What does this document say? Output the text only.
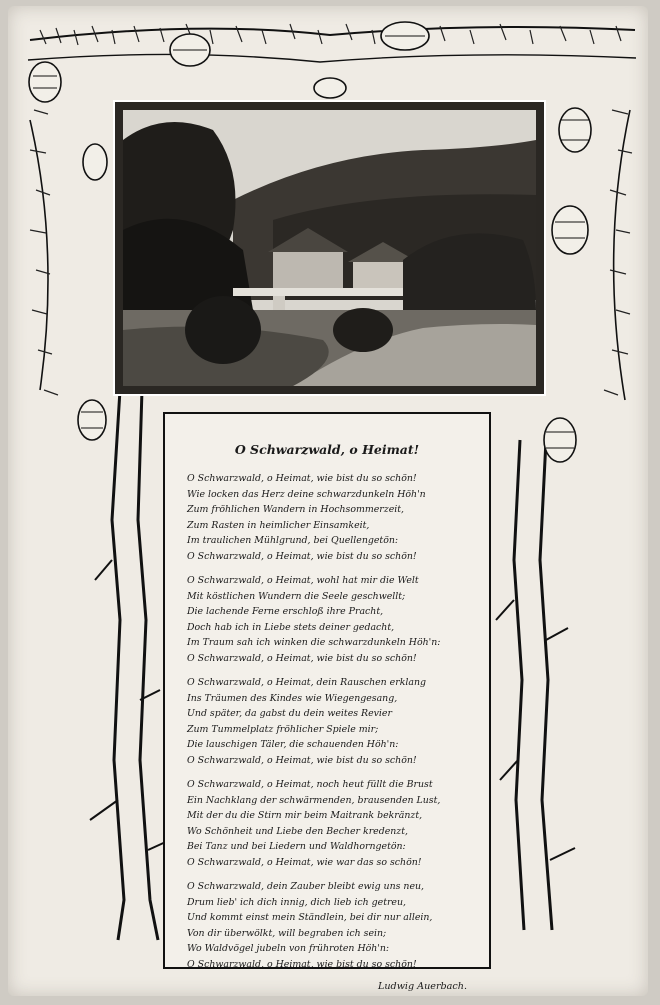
O Schwarzwald, o Heimat!
O Schwarzwald, o Heimat, wie bist du so schön!
Wie locken das Herz deine schwarzdunkeln Höh'n
Zum fröhlichen Wandern in Hochsommerzeit,
Zum Rasten in heimlicher Einsamkeit,
Im traulichen Mühlgrund, bei Quellengetön:
O Schwarzwald, o Heimat, wie bist du so schön!
O Schwarzwald, o Heimat, wohl hat mir die Welt
Mit köstlichen Wundern die Seele geschwellt;
Die lachende Ferne erschloß ihre Pracht,
Doch hab ich in Liebe stets deiner gedacht,
Im Traum sah ich winken die schwarzdunkeln Höh'n:
O Schwarzwald, o Heimat, wie bist du so schön!
O Schwarzwald, o Heimat, dein Rauschen erklang
Ins Träumen des Kindes wie Wiegengesang,
Und später, da gabst du dein weites Revier
Zum Tummelplatz fröhlicher Spiele mir;
Die lauschigen Täler, die schauenden Höh'n:
O Schwarzwald, o Heimat, wie bist du so schön!
O Schwarzwald, o Heimat, noch heut füllt die Brust
Ein Nachklang der schwärmenden, brausenden Lust,
Mit der du die Stirn mir beim Maitrank bekränzt,
Wo Schönheit und Liebe den Becher kredenzt,
Bei Tanz und bei Liedern und Waldhorngetön:
O Schwarzwald, o Heimat, wie war das so schön!
O Schwarzwald, dein Zauber bleibt ewig uns neu,
Drum lieb' ich dich innig, dich lieb ich getreu,
Und kommt einst mein Ständlein, bei dir nur allein,
Von dir überwölkt, will begraben ich sein;
Wo Waldvögel jubeln von frühroten Höh'n:
O Schwarzwald, o Heimat, wie bist du so schön!
Ludwig Auerbach.
